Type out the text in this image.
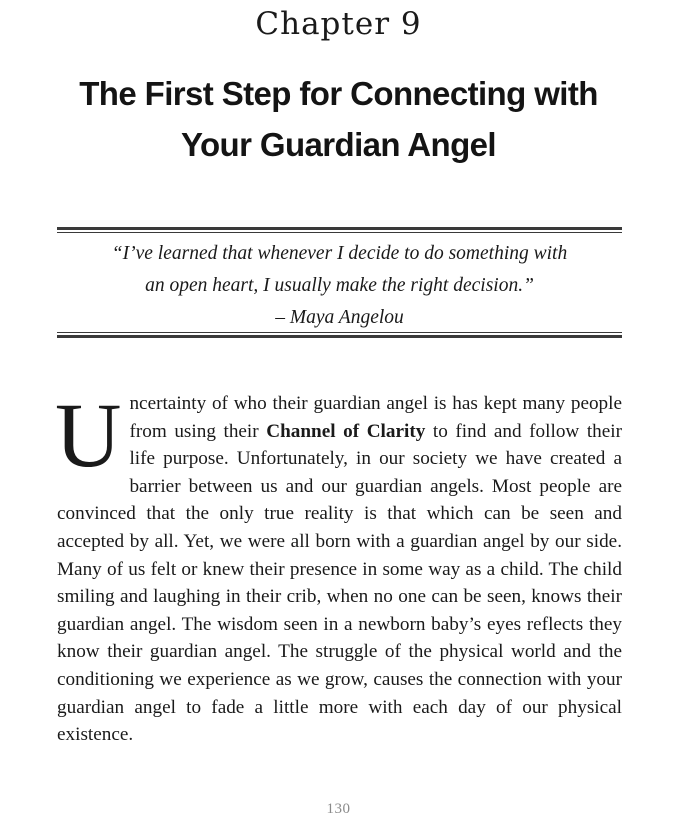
Chapter 9
The First Step for Connecting with
Your Guardian Angel
“I’ve learned that whenever I decide to do something with
an open heart, I usually make the right decision.”
– Maya Angelou

Uncertainty of who their guardian angel is has kept many people from using their Channel of Clarity to find and follow their life purpose. Unfortunately, in our society we have created a barrier between us and our guardian angels. Most people are convinced that the only true reality is that which can be seen and accepted by all. Yet, we were all born with a guardian angel by our side. Many of us felt or knew their presence in some way as a child. The child smiling and laughing in their crib, when no one can be seen, knows their guardian angel. The wisdom seen in a newborn baby’s eyes reflects they know their guardian angel. The struggle of the physical world and the conditioning we experience as we grow, causes the connection with your guardian angel to fade a little more with each day of our physical existence.

130
